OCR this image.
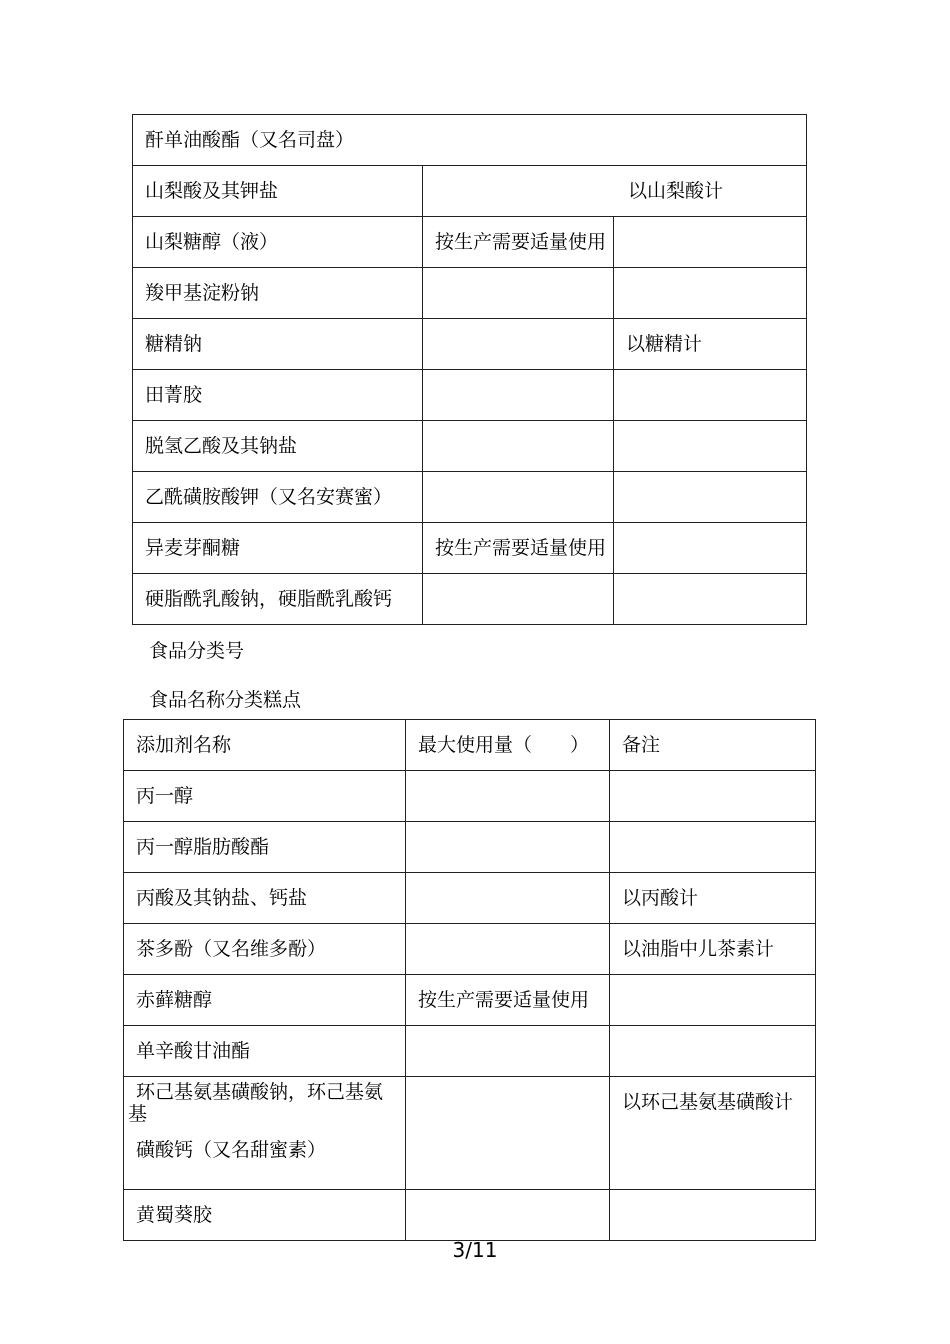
酐单油酸酯（又名司盘）		
山梨酸及其钾盐	以山梨酸计	
山梨糖醇（液）	按生产需要适量使用	
羧甲基淀粉钠		
糖精钠		以糖精计
田菁胶		
脱氢乙酸及其钠盐		
乙酰磺胺酸钾（又名安赛蜜）		
异麦芽酮糖	按生产需要适量使用	
硬脂酰乳酸钠，硬脂酰乳酸钙		
食品分类号
食品名称分类糕点
添加剂名称	最大使用量（　　）	备注
丙一醇		
丙一醇脂肪酸酯		
丙酸及其钠盐、钙盐		以丙酸计
茶多酚（又名维多酚）		以油脂中儿茶素计
赤藓糖醇	按生产需要适量使用	
单辛酸甘油酯		

环己基氨基磺酸钠，环己基氨
基
磺酸钙（又名甜蜜素）		以环己基氨基磺酸计
黄蜀葵胶		
3/11
